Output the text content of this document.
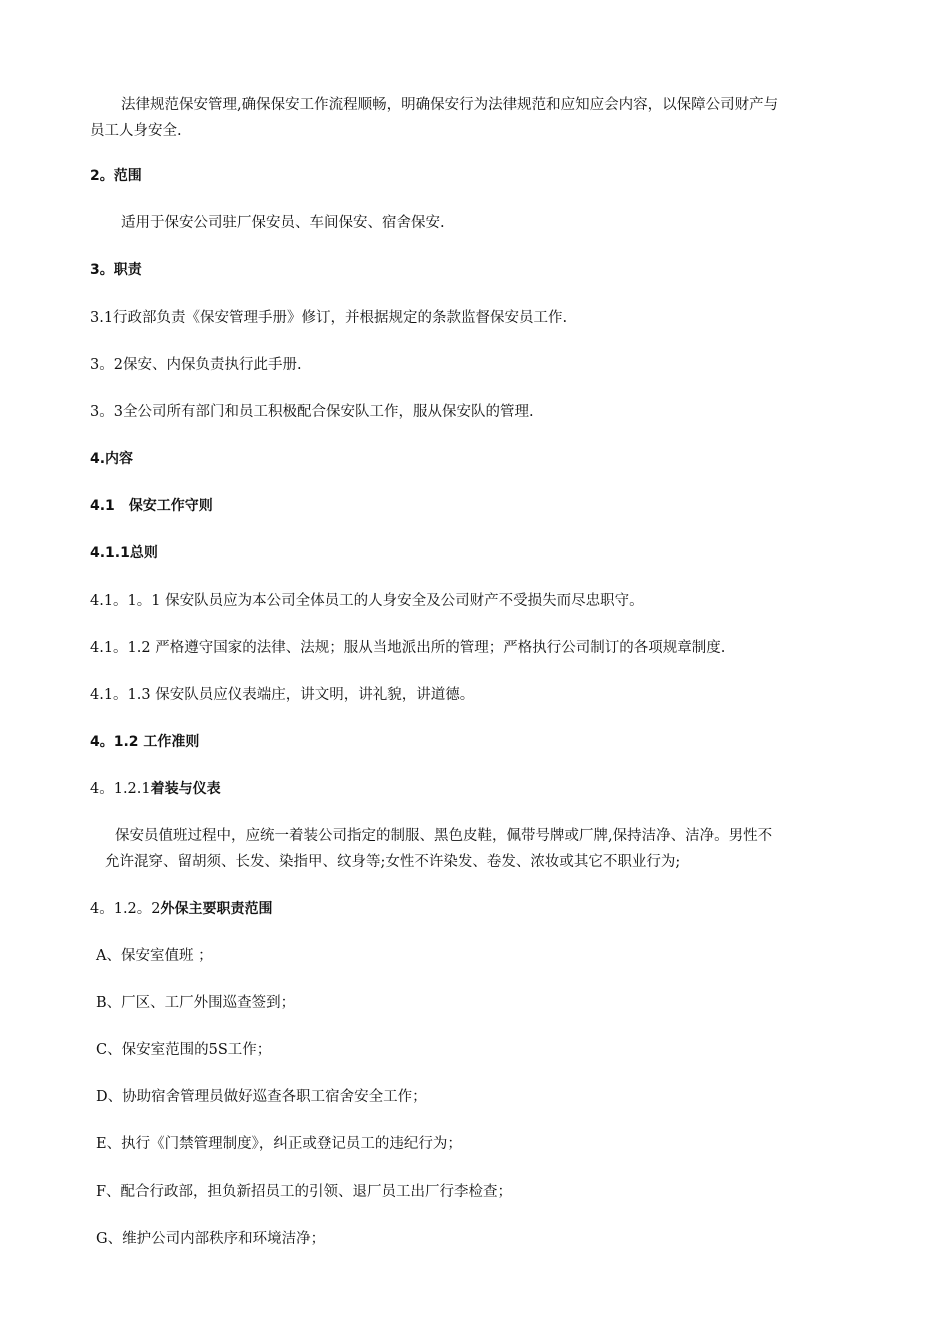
法律规范保安管理,确保保安工作流程顺畅，明确保安行为法律规范和应知应会内容，以保障公司财产与
员工人身安全.
2。范围
适用于保安公司驻厂保安员、车间保安、宿舍保安.
3。职责
3.1行政部负责《保安管理手册》修订，并根据规定的条款监督保安员工作.
3。2保安、内保负责执行此手册.
3。3全公司所有部门和员工积极配合保安队工作，服从保安队的管理.
4.内容
4.1　保安工作守则
4.1.1总则
4.1。1。1 保安队员应为本公司全体员工的人身安全及公司财产不受损失而尽忠职守。
4.1。1.2 严格遵守国家的法律、法规；服从当地派出所的管理；严格执行公司制订的各项规章制度.
4.1。1.3 保安队员应仪表端庄，讲文明，讲礼貌，讲道德。
4。1.2 工作准则
4。1.2.1着装与仪表
保安员值班过程中，应统一着装公司指定的制服、黑色皮鞋，佩带号牌或厂牌,保持洁净、洁净。男性不
允许混穿、留胡须、长发、染指甲、纹身等;女性不许染发、卷发、浓妆或其它不职业行为;
4。1.2。2外保主要职责范围
A、保安室值班 ；
B、厂区、工厂外围巡查签到；
C、保安室范围的5S工作；
D、协助宿舍管理员做好巡查各职工宿舍安全工作；
E、执行《门禁管理制度》，纠正或登记员工的违纪行为；
F、配合行政部，担负新招员工的引领、退厂员工出厂行李检查；
G、维护公司内部秩序和环境洁净；
